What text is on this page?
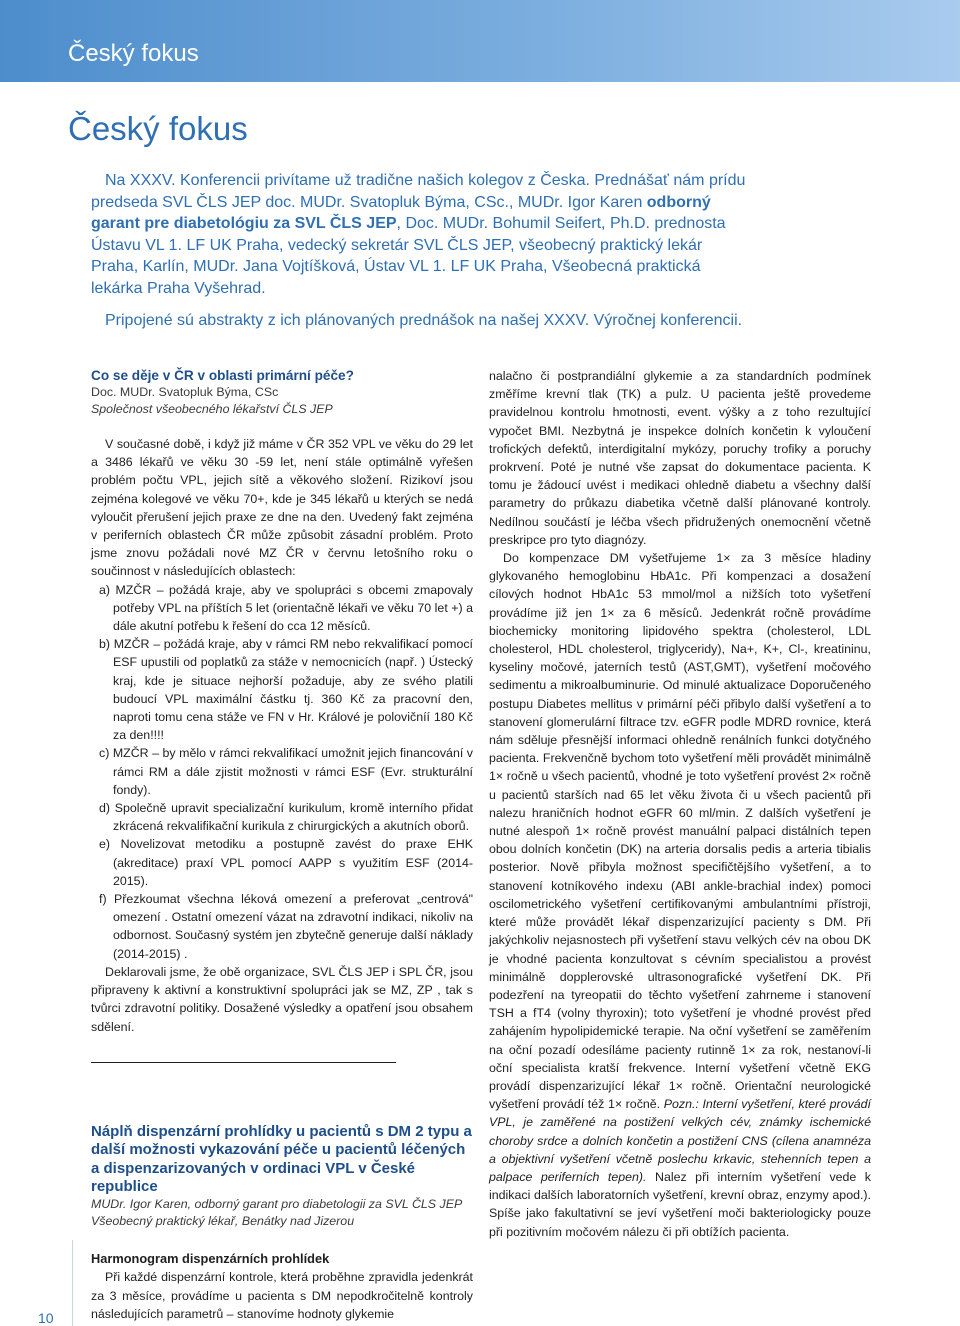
Český fokus
Český fokus

Na XXXV. Konferencii privítame už tradične našich kolegov z Česka. Prednášať nám prídu predseda SVL ČLS JEP doc. MUDr. Svatopluk Býma, CSc., MUDr. Igor Karen odborný garant pre diabetológiu za SVL ČLS JEP, Doc. MUDr. Bohumil Seifert, Ph.D. prednosta Ústavu VL 1. LF UK Praha, vedecký sekretár SVL ČLS JEP, všeobecný praktický lekár Praha, Karlín, MUDr. Jana Vojtíšková, Ústav VL 1. LF UK Praha, Všeobecná praktická lekárka Praha Vyšehrad.

Pripojené sú abstrakty z ich plánovaných prednášok na našej XXXV. Výročnej konferencii.
Co se děje v ČR v oblasti primární péče?
Doc. MUDr. Svatopluk Býma, CSc
Společnost všeobecného lékařství ČLS JEP
V současné době, i když již máme v ČR 352 VPL ve věku do 29 let a 3486 lékařů ve věku 30 -59 let, není stále optimálně vyřešen problém počtu VPL, jejich sítě a věkového složení. Rizikoví jsou zejména kolegové ve věku 70+, kde je 345 lékařů u kterých se nedá vyloučit přerušení jejich praxe ze dne na den. Uvedený fakt zejména v periferních oblastech ČR může způsobit zásadní problém. Proto jsme znovu požádali nové MZ ČR v červnu letošního roku o součinnost v následujících oblastech:
a) MZČR – požádá kraje, aby ve spolupráci s obcemi zmapovaly potřeby VPL na příštích 5 let (orientačně lékaři ve věku 70 let +) a dále akutní potřebu k řešení do cca 12 měsíců.
b) MZČR – požádá kraje, aby v rámci RM nebo rekvalifikací pomocí ESF upustili od poplatků za stáže v nemocnicích (např. ) Ústecký kraj, kde je situace nejhorší požaduje, aby ze svého platili budoucí VPL maximální částku tj. 360 Kč za pracovní den, naproti tomu cena stáže ve FN v Hr. Králové je polovičníí 180 Kč za den!!!!
c) MZČR – by mělo v rámci rekvalifikací umožnit jejich financování v rámci RM a dále zjistit možnosti v rámci ESF (Evr. strukturální fondy).
d) Společně upravit specializační kurikulum, kromě interního přidat zkrácená rekvalifikační kurikula z chirurgických a akutních oborů.
e) Novelizovat metodiku a postupně zavést do praxe EHK (akreditace) praxí VPL pomocí AAPP s využitím ESF (2014-2015).
f) Přezkoumat všechna léková omezení a preferovat „centrová" omezení . Ostatní omezení vázat na zdravotní indikaci, nikoliv na odbornost. Současný systém jen zbytečně generuje další náklady (2014-2015) .
Deklarovali jsme, že obě organizace, SVL ČLS JEP i SPL ČR, jsou připraveny k aktivní a konstruktivní spolupráci jak se MZ, ZP , tak s tvůrci zdravotní politiky. Dosažené výsledky a opatření jsou obsahem sdělení.
Náplň dispenzární prohlídky u pacientů s DM 2 typu a další možnosti vykazování péče u pacientů léčených a dispenzarizovaných v ordinaci VPL v České republice
MUDr. Igor Karen, odborný garant pro diabetologii za SVL ČLS JEP
Všeobecný praktický lékař, Benátky nad Jizerou
Harmonogram dispenzárních prohlídek
Při každé dispenzární kontrole, která proběhne zpravidla jedenkrát za 3 měsíce, provádíme u pacienta s DM nepodkročitelně kontroly následujících parametrů – stanovíme hodnoty glykemie
nalačno či postprandiální glykemie a za standardních podmínek změříme krevní tlak (TK) a pulz. U pacienta ještě provedeme pravidelnou kontrolu hmotnosti, event. výšky a z toho rezultující vypočet BMI. Nezbytná je inspekce dolních končetin k vyloučení trofických defektů, interdigitalní mykózy, poruchy trofiky a poruchy prokrvení. Poté je nutné vše zapsat do dokumentace pacienta. K tomu je žádoucí uvést i medikaci ohledně diabetu a všechny další parametry do průkazu diabetika včetně další plánované kontroly. Nedílnou součástí je léčba všech přidružených onemocnění včetně preskripce pro tyto diagnózy.
Do kompenzace DM vyšetřujeme 1× za 3 měsíce hladiny glykovaného hemoglobinu HbA1c. Při kompenzaci a dosažení cílových hodnot HbA1c 53 mmol/mol a nižších toto vyšetření provádíme již jen 1× za 6 měsíců. Jedenkrát ročně provádíme biochemicky monitoring lipidového spektra (cholesterol, LDL cholesterol, HDL cholesterol, triglyceridy), Na+, K+, Cl-, kreatininu, kyseliny močové, jaterních testů (AST,GMT), vyšetření močového sedimentu a mikroalbuminurie. Od minulé aktualizace Doporučeného postupu Diabetes mellitus v primární péči přibylo další vyšetření a to stanovení glomerulární filtrace tzv. eGFR podle MDRD rovnice, která nám sděluje přesnější informaci ohledně renálních funkci dotyčného pacienta. Frekvenčně bychom toto vyšetření měli provádět minimálně 1× ročně u všech pacientů, vhodné je toto vyšetření provést 2× ročně u pacientů starších nad 65 let věku života či u všech pacientů při nalezu hraničních hodnot eGFR 60 ml/min. Z dalších vyšetření je nutné alespoň 1× ročně provést manuální palpaci distálních tepen obou dolních končetin (DK) na arteria dorsalis pedis a arteria tibialis posterior. Nově přibyla možnost specifičtějšího vyšetření, a to stanovení kotníkového indexu (ABI ankle-brachial index) pomoci oscilometrického vyšetření certifikovanými ambulantními přístroji, které může provádět lékař dispenzarizující pacienty s DM. Při jakýchkoliv nejasnostech při vyšetření stavu velkých cév na obou DK je vhodné pacienta konzultovat s cévním specialistou a provést minimálně dopplerovské ultrasonografické vyšetření DK. Při podezření na tyreopatii do těchto vyšetření zahrneme i stanovení TSH a fT4 (volny thyroxin); toto vyšetření je vhodné provést před zahájením hypolipidemické terapie. Na oční vyšetření se zaměřením na oční pozadí odesíláme pacienty rutinně 1× za rok, nestanoví-li oční specialista kratší frekvence. Interní vyšetření včetně EKG provádí dispenzarizující lékař 1× ročně. Orientační neurologické vyšetření provádí též 1× ročně. Pozn.: Interní vyšetření, které provádí VPL, je zaměřené na postižení velkých cév, známky ischemické choroby srdce a dolních končetin a postižení CNS (cílena anamnéza a objektivní vyšetření včetně poslechu krkavic, stehenních tepen a palpace periferních tepen). Nalez při interním vyšetření vede k indikaci dalších laboratorních vyšetření, krevní obraz, enzymy apod.). Spíše jako fakultativní se jeví vyšetření moči bakteriologicky pouze při pozitivním močovém nálezu či při obtížích pacienta.
10
